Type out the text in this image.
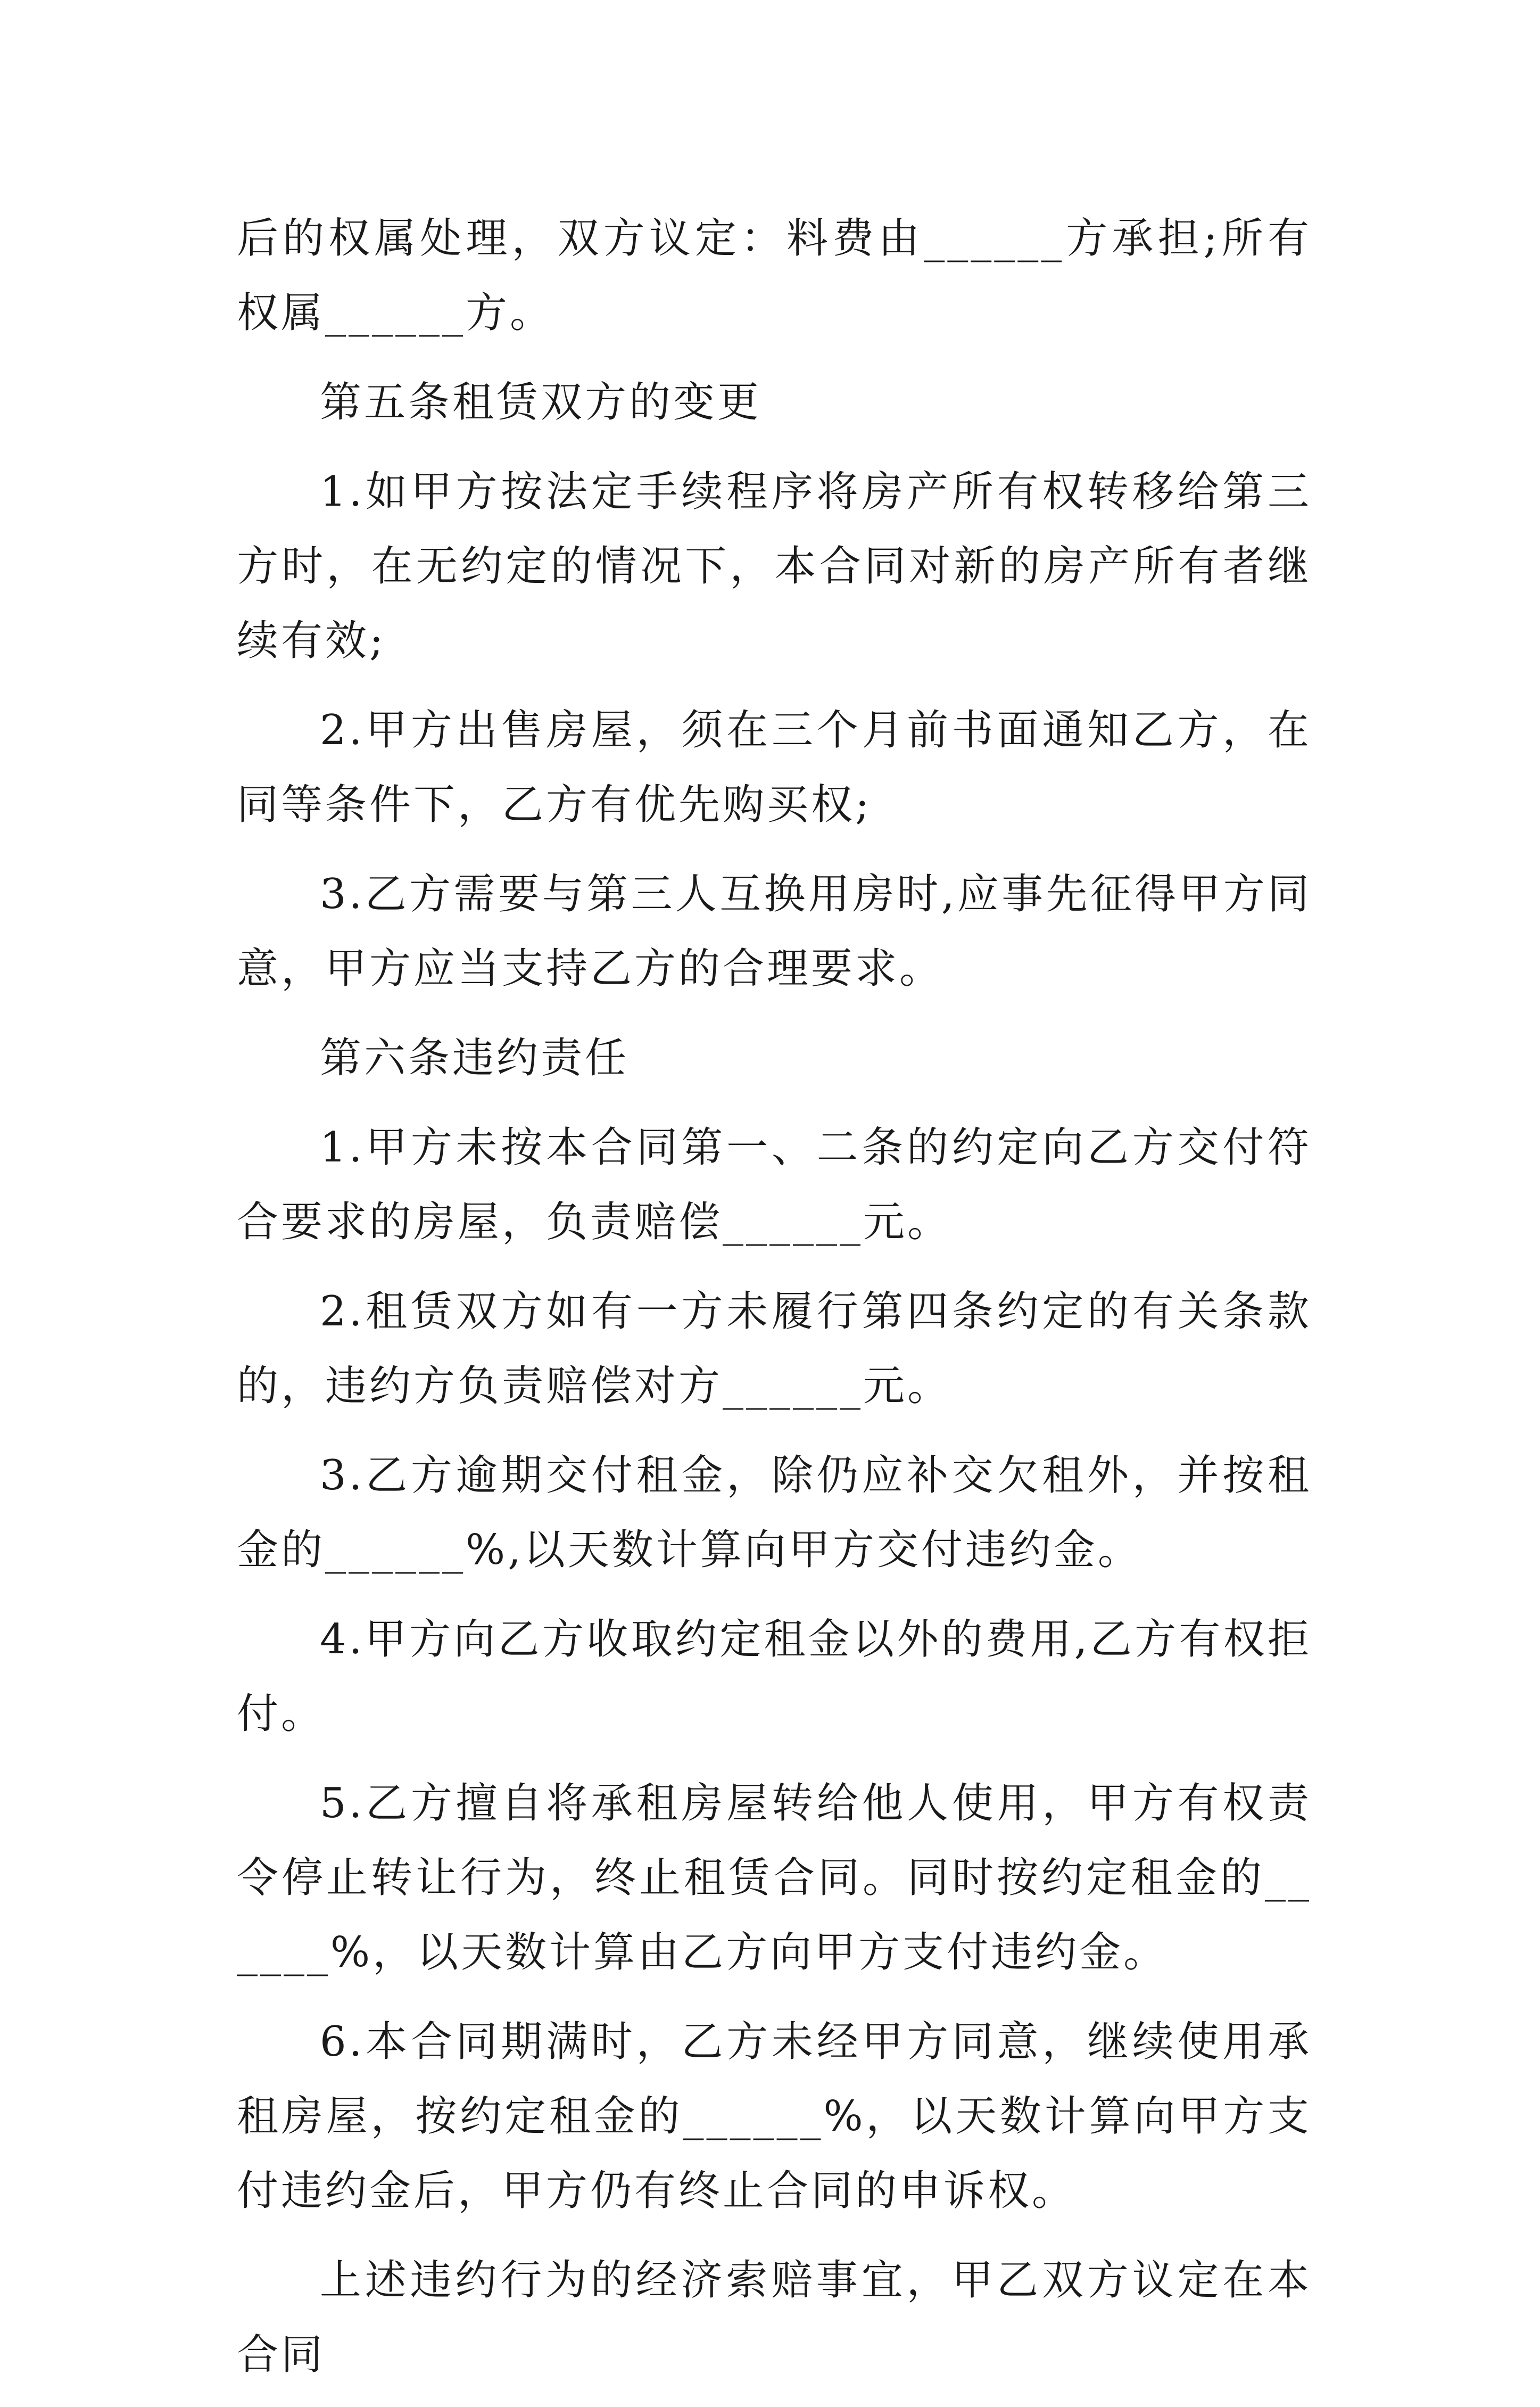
后的权属处理，双方议定：料费由______方承担;所有权属______方。

第五条租赁双方的变更

1.如甲方按法定手续程序将房产所有权转移给第三方时，在无约定的情况下，本合同对新的房产所有者继续有效;

2.甲方出售房屋，须在三个月前书面通知乙方，在同等条件下，乙方有优先购买权;

3.乙方需要与第三人互换用房时,应事先征得甲方同意，甲方应当支持乙方的合理要求。

第六条违约责任

1.甲方未按本合同第一、二条的约定向乙方交付符合要求的房屋，负责赔偿______元。

2.租赁双方如有一方未履行第四条约定的有关条款的，违约方负责赔偿对方______元。

3.乙方逾期交付租金，除仍应补交欠租外，并按租金的______%,以天数计算向甲方交付违约金。

4.甲方向乙方收取约定租金以外的费用,乙方有权拒付。

5.乙方擅自将承租房屋转给他人使用，甲方有权责令停止转让行为，终止租赁合同。同时按约定租金的______%，以天数计算由乙方向甲方支付违约金。

6.本合同期满时，乙方未经甲方同意，继续使用承租房屋，按约定租金的______%，以天数计算向甲方支付违约金后，甲方仍有终止合同的申诉权。

上述违约行为的经济索赔事宜，甲乙双方议定在本合同
